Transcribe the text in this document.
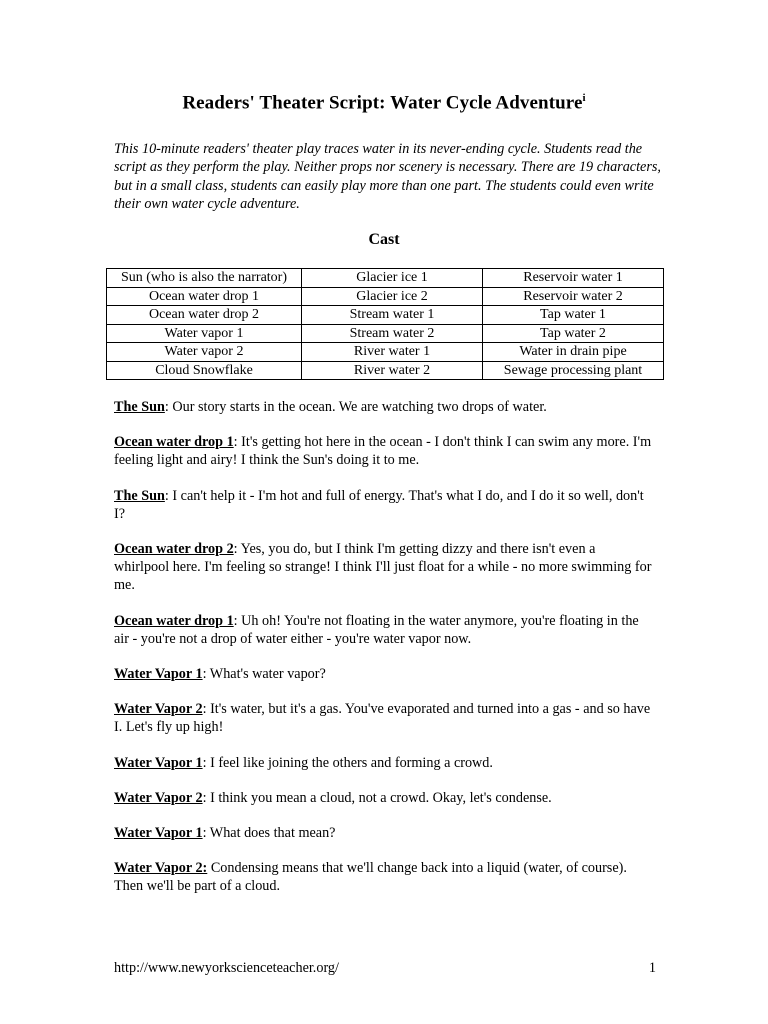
Readers' Theater Script: Water Cycle Adventure$^i$
This 10-minute readers' theater play traces water in its never-ending cycle. Students read the script as they perform the play. Neither props nor scenery is necessary. There are 19 characters, but in a small class, students can easily play more than one part. The students could even write their own water cycle adventure.
Cast
Sun (who is also the narrator)	Glacier ice 1	Reservoir water 1
Ocean water drop 1	Glacier ice 2	Reservoir water 2
Ocean water drop 2	Stream water 1	Tap water 1
Water vapor 1	Stream water 2	Tap water 2
Water vapor 2	River water 1	Water in drain pipe
Cloud Snowflake	River water 2	Sewage processing plant

The Sun: Our story starts in the ocean. We are watching two drops of water.

Ocean water drop 1: It's getting hot here in the ocean - I don't think I can swim any more. I'm feeling light and airy! I think the Sun's doing it to me.

The Sun: I can't help it - I'm hot and full of energy. That's what I do, and I do it so well, don't I?

Ocean water drop 2: Yes, you do, but I think I'm getting dizzy and there isn't even a whirlpool here. I'm feeling so strange! I think I'll just float for a while - no more swimming for me.

Ocean water drop 1: Uh oh! You're not floating in the water anymore, you're floating in the air - you're not a drop of water either - you're water vapor now.

Water Vapor 1: What's water vapor?

Water Vapor 2: It's water, but it's a gas. You've evaporated and turned into a gas - and so have I. Let's fly up high!

Water Vapor 1: I feel like joining the others and forming a crowd.

Water Vapor 2: I think you mean a cloud, not a crowd. Okay, let's condense.

Water Vapor 1: What does that mean?

Water Vapor 2: Condensing means that we'll change back into a liquid (water, of course). Then we'll be part of a cloud.

http://www.newyorkscienceteacher.org/	1
